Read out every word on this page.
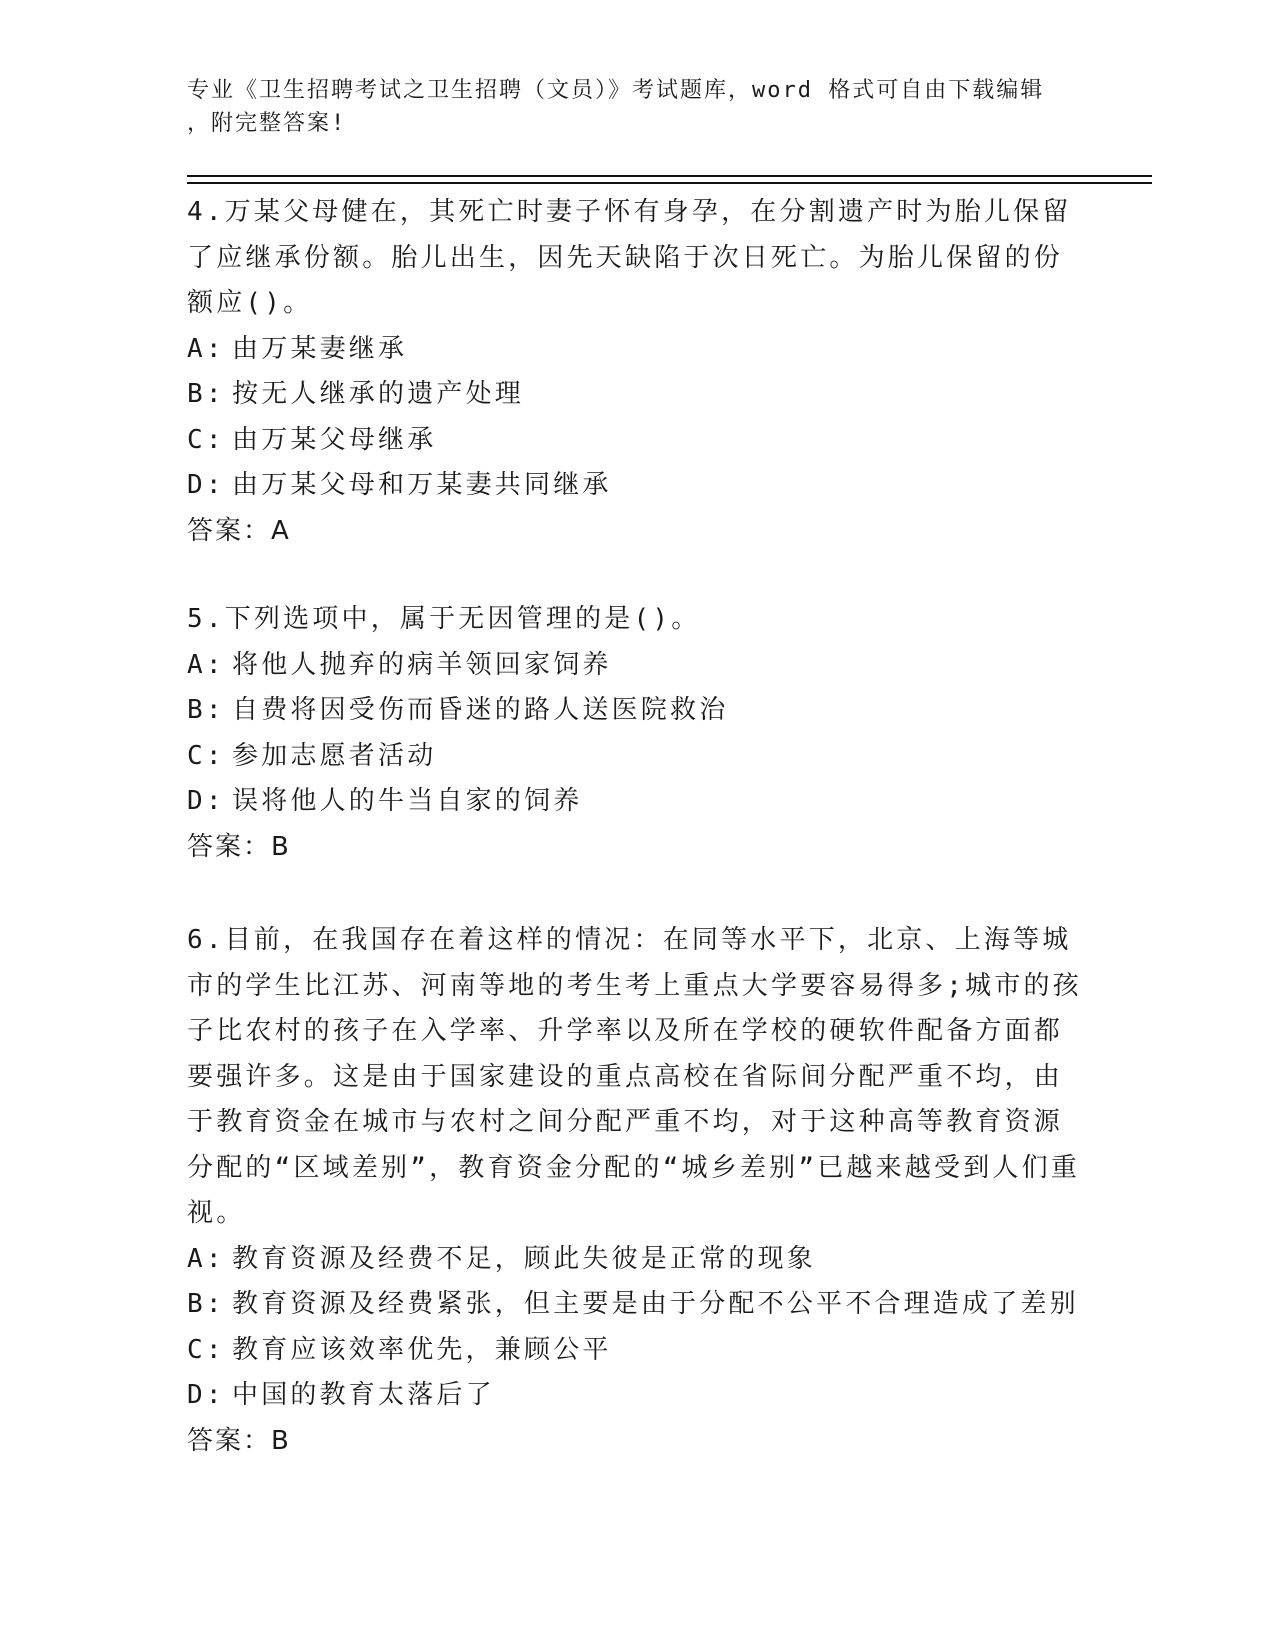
专业《卫生招聘考试之卫生招聘（文员）》考试题库，word 格式可自由下载编辑
，附完整答案!

4.万某父母健在，其死亡时妻子怀有身孕，在分割遗产时为胎儿保留了应继承份额。胎儿出生，因先天缺陷于次日死亡。为胎儿保留的份额应()。

A: 由万某妻继承

B: 按无人继承的遗产处理

C: 由万某父母继承

D: 由万某父母和万某妻共同继承

答案：A

5.下列选项中，属于无因管理的是()。

A: 将他人抛弃的病羊领回家饲养

B: 自费将因受伤而昏迷的路人送医院救治

C: 参加志愿者活动

D: 误将他人的牛当自家的饲养

答案：B

6.目前，在我国存在着这样的情况：在同等水平下，北京、上海等城市的学生比江苏、河南等地的考生考上重点大学要容易得多;城市的孩子比农村的孩子在入学率、升学率以及所在学校的硬软件配备方面都要强许多。这是由于国家建设的重点高校在省际间分配严重不均，由于教育资金在城市与农村之间分配严重不均，对于这种高等教育资源分配的“区域差别”，教育资金分配的“城乡差别”已越来越受到人们重视。

A: 教育资源及经费不足，顾此失彼是正常的现象

B: 教育资源及经费紧张，但主要是由于分配不公平不合理造成了差别

C: 教育应该效率优先，兼顾公平

D: 中国的教育太落后了

答案：B
